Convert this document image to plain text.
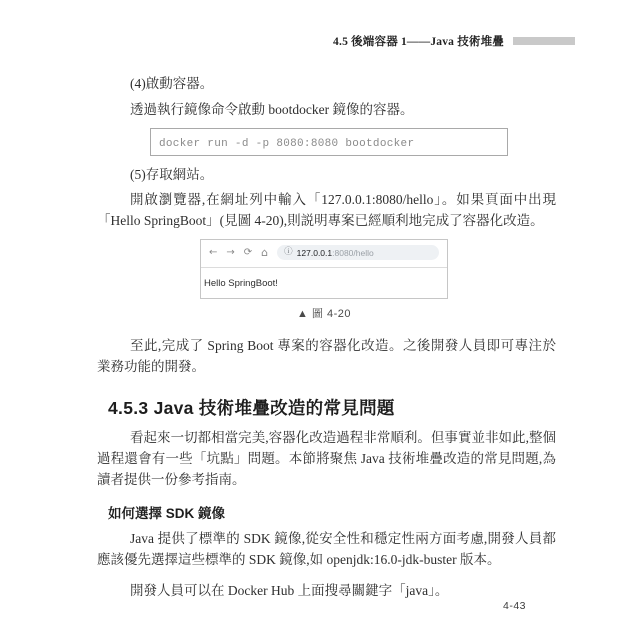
4.5 後端容器 1——Java 技術堆疊

(4)啟動容器。

透過執行鏡像命令啟動 bootdocker 鏡像的容器。

docker run -d -p 8080:8080 bootdocker

(5)存取網站。

開啟瀏覽器,在網址列中輸入「127.0.0.1:8080/hello」。如果頁面中出現「Hello SpringBoot」(見圖 4-20),則説明專案已經順利地完成了容器化改造。

← → ⟳ ⌂ ⓘ 127.0.0.1:8080/hello
Hello SpringBoot!
▲ 圖 4-20

至此,完成了 Spring Boot 專案的容器化改造。之後開發人員即可專注於業務功能的開發。

4.5.3 Java 技術堆疊改造的常見問題

看起來一切都相當完美,容器化改造過程非常順利。但事實並非如此,整個過程還會有一些「坑點」問題。本節將聚焦 Java 技術堆疊改造的常見問題,為讀者提供一份參考指南。

如何選擇 SDK 鏡像

Java 提供了標準的 SDK 鏡像,從安全性和穩定性兩方面考慮,開發人員都應該優先選擇這些標準的 SDK 鏡像,如 openjdk:16.0-jdk-buster 版本。

開發人員可以在 Docker Hub 上面搜尋關鍵字「java」。

4-43
